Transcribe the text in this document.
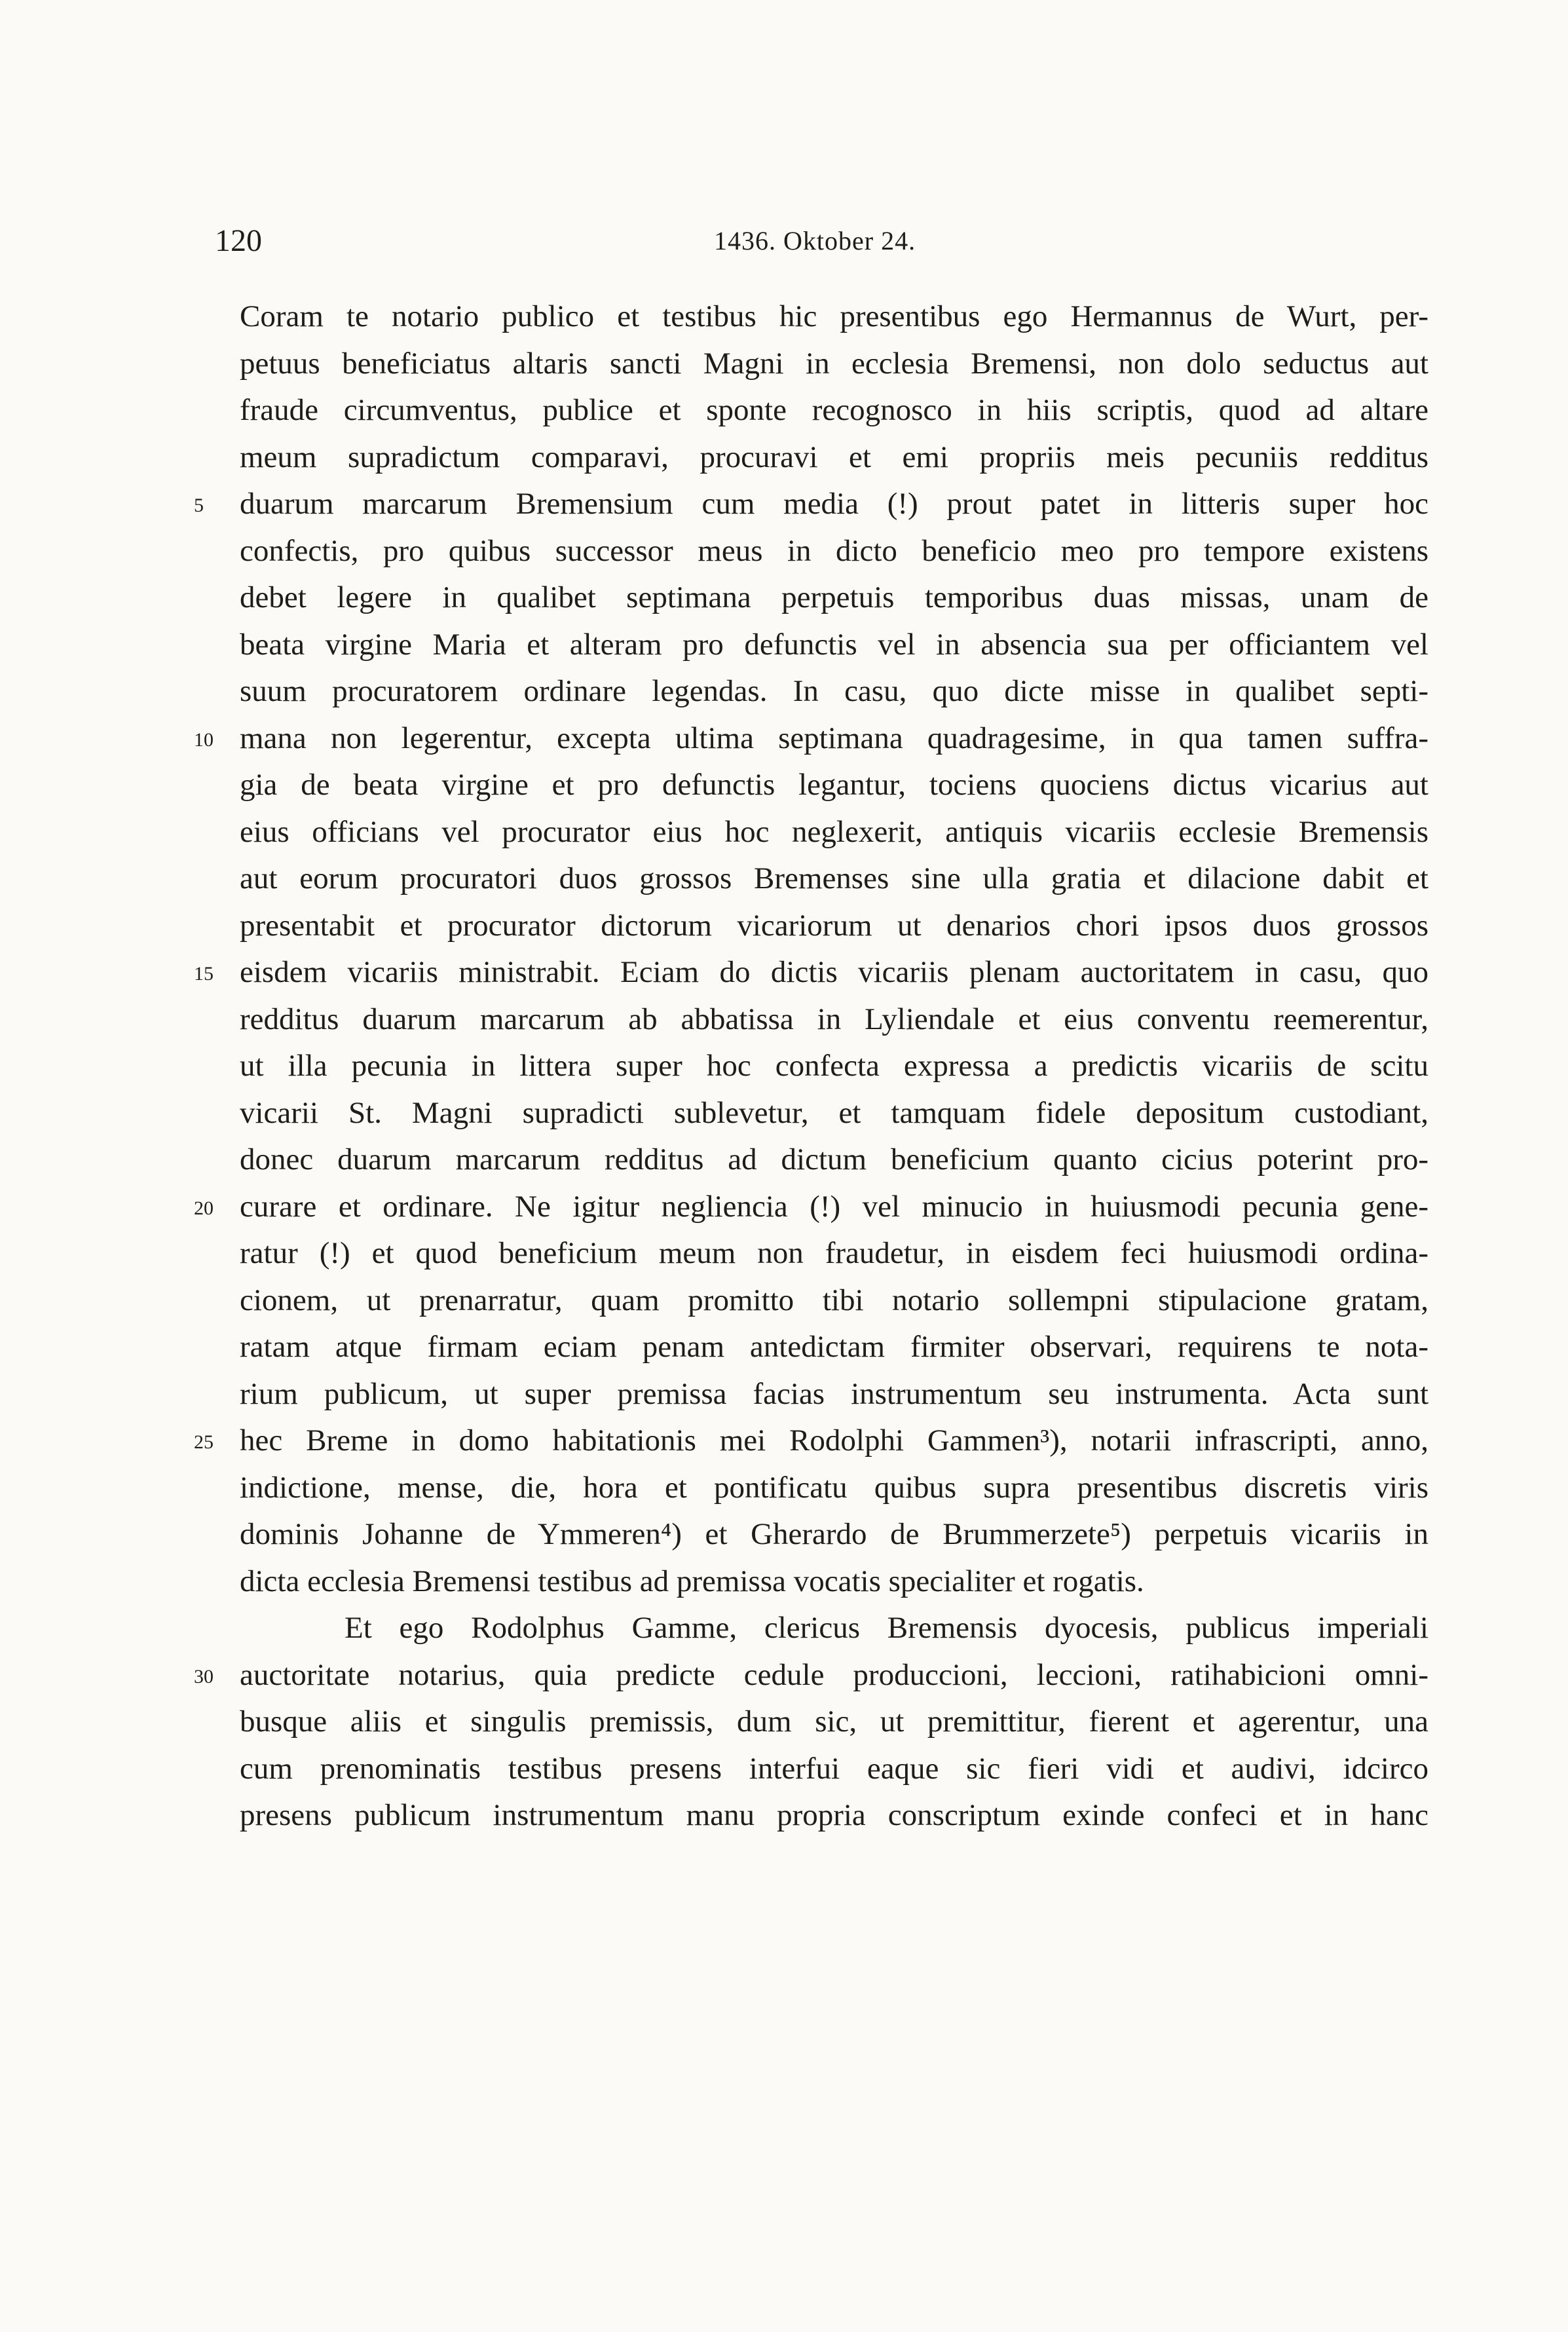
120	1436. Oktober 24.
Coram te notario publico et testibus hic presentibus ego Hermannus de Wurt, per-
petuus beneficiatus altaris sancti Magni in ecclesia Bremensi, non dolo seductus aut
fraude circumventus, publice et sponte recognosco in hiis scriptis, quod ad altare
meum supradictum comparavi, procuravi et emi propriis meis pecuniis redditus
5	duarum marcarum Bremensium cum media (!) prout patet in litteris super hoc
confectis, pro quibus successor meus in dicto beneficio meo pro tempore existens
debet legere in qualibet septimana perpetuis temporibus duas missas, unam de
beata virgine Maria et alteram pro defunctis vel in absencia sua per officiantem vel
suum procuratorem ordinare legendas. In casu, quo dicte misse in qualibet septi-
10 mana non legerentur, excepta ultima septimana quadragesime, in qua tamen suffra-
gia de beata virgine et pro defunctis legantur, tociens quociens dictus vicarius aut
eius officians vel procurator eius hoc neglexerit, antiquis vicariis ecclesie Bremensis
aut eorum procuratori duos grossos Bremenses sine ulla gratia et dilacione dabit et
presentabit et procurator dictorum vicariorum ut denarios chori ipsos duos grossos
15 eisdem vicariis ministrabit. Eciam do dictis vicariis plenam auctoritatem in casu, quo
redditus duarum marcarum ab abbatissa in Lyliendale et eius conventu reemerentur,
ut illa pecunia in littera super hoc confecta expressa a predictis vicariis de scitu
vicarii St. Magni supradicti sublevetur, et tamquam fidele depositum custodiant,
donec duarum marcarum redditus ad dictum beneficium quanto cicius poterint pro-
20 curare et ordinare. Ne igitur negliencia (!) vel minucio in huiusmodi pecunia gene-
ratur (!) et quod beneficium meum non fraudetur, in eisdem feci huiusmodi ordina-
cionem, ut prenarratur, quam promitto tibi notario sollempni stipulacione gratam,
ratam atque firmam eciam penam antedictam firmiter observari, requirens te nota-
rium publicum, ut super premissa facias instrumentum seu instrumenta. Acta sunt
25 hec Breme in domo habitationis mei Rodolphi Gammen³), notarii infrascripti, anno,
indictione, mense, die, hora et pontificatu quibus supra presentibus discretis viris
dominis Johanne de Ymmeren⁴) et Gherardo de Brummerzete⁵) perpetuis vicariis in
dicta ecclesia Bremensi testibus ad premissa vocatis specialiter et rogatis.
Et ego Rodolphus Gamme, clericus Bremensis dyocesis, publicus imperiali
30 auctoritate notarius, quia predicte cedule produccioni, leccioni, ratihabicioni omni-
busque aliis et singulis premissis, dum sic, ut premittitur, fierent et agerentur, una
cum prenominatis testibus presens interfui eaque sic fieri vidi et audivi, idcirco
presens publicum instrumentum manu propria conscriptum exinde confeci et in hanc
